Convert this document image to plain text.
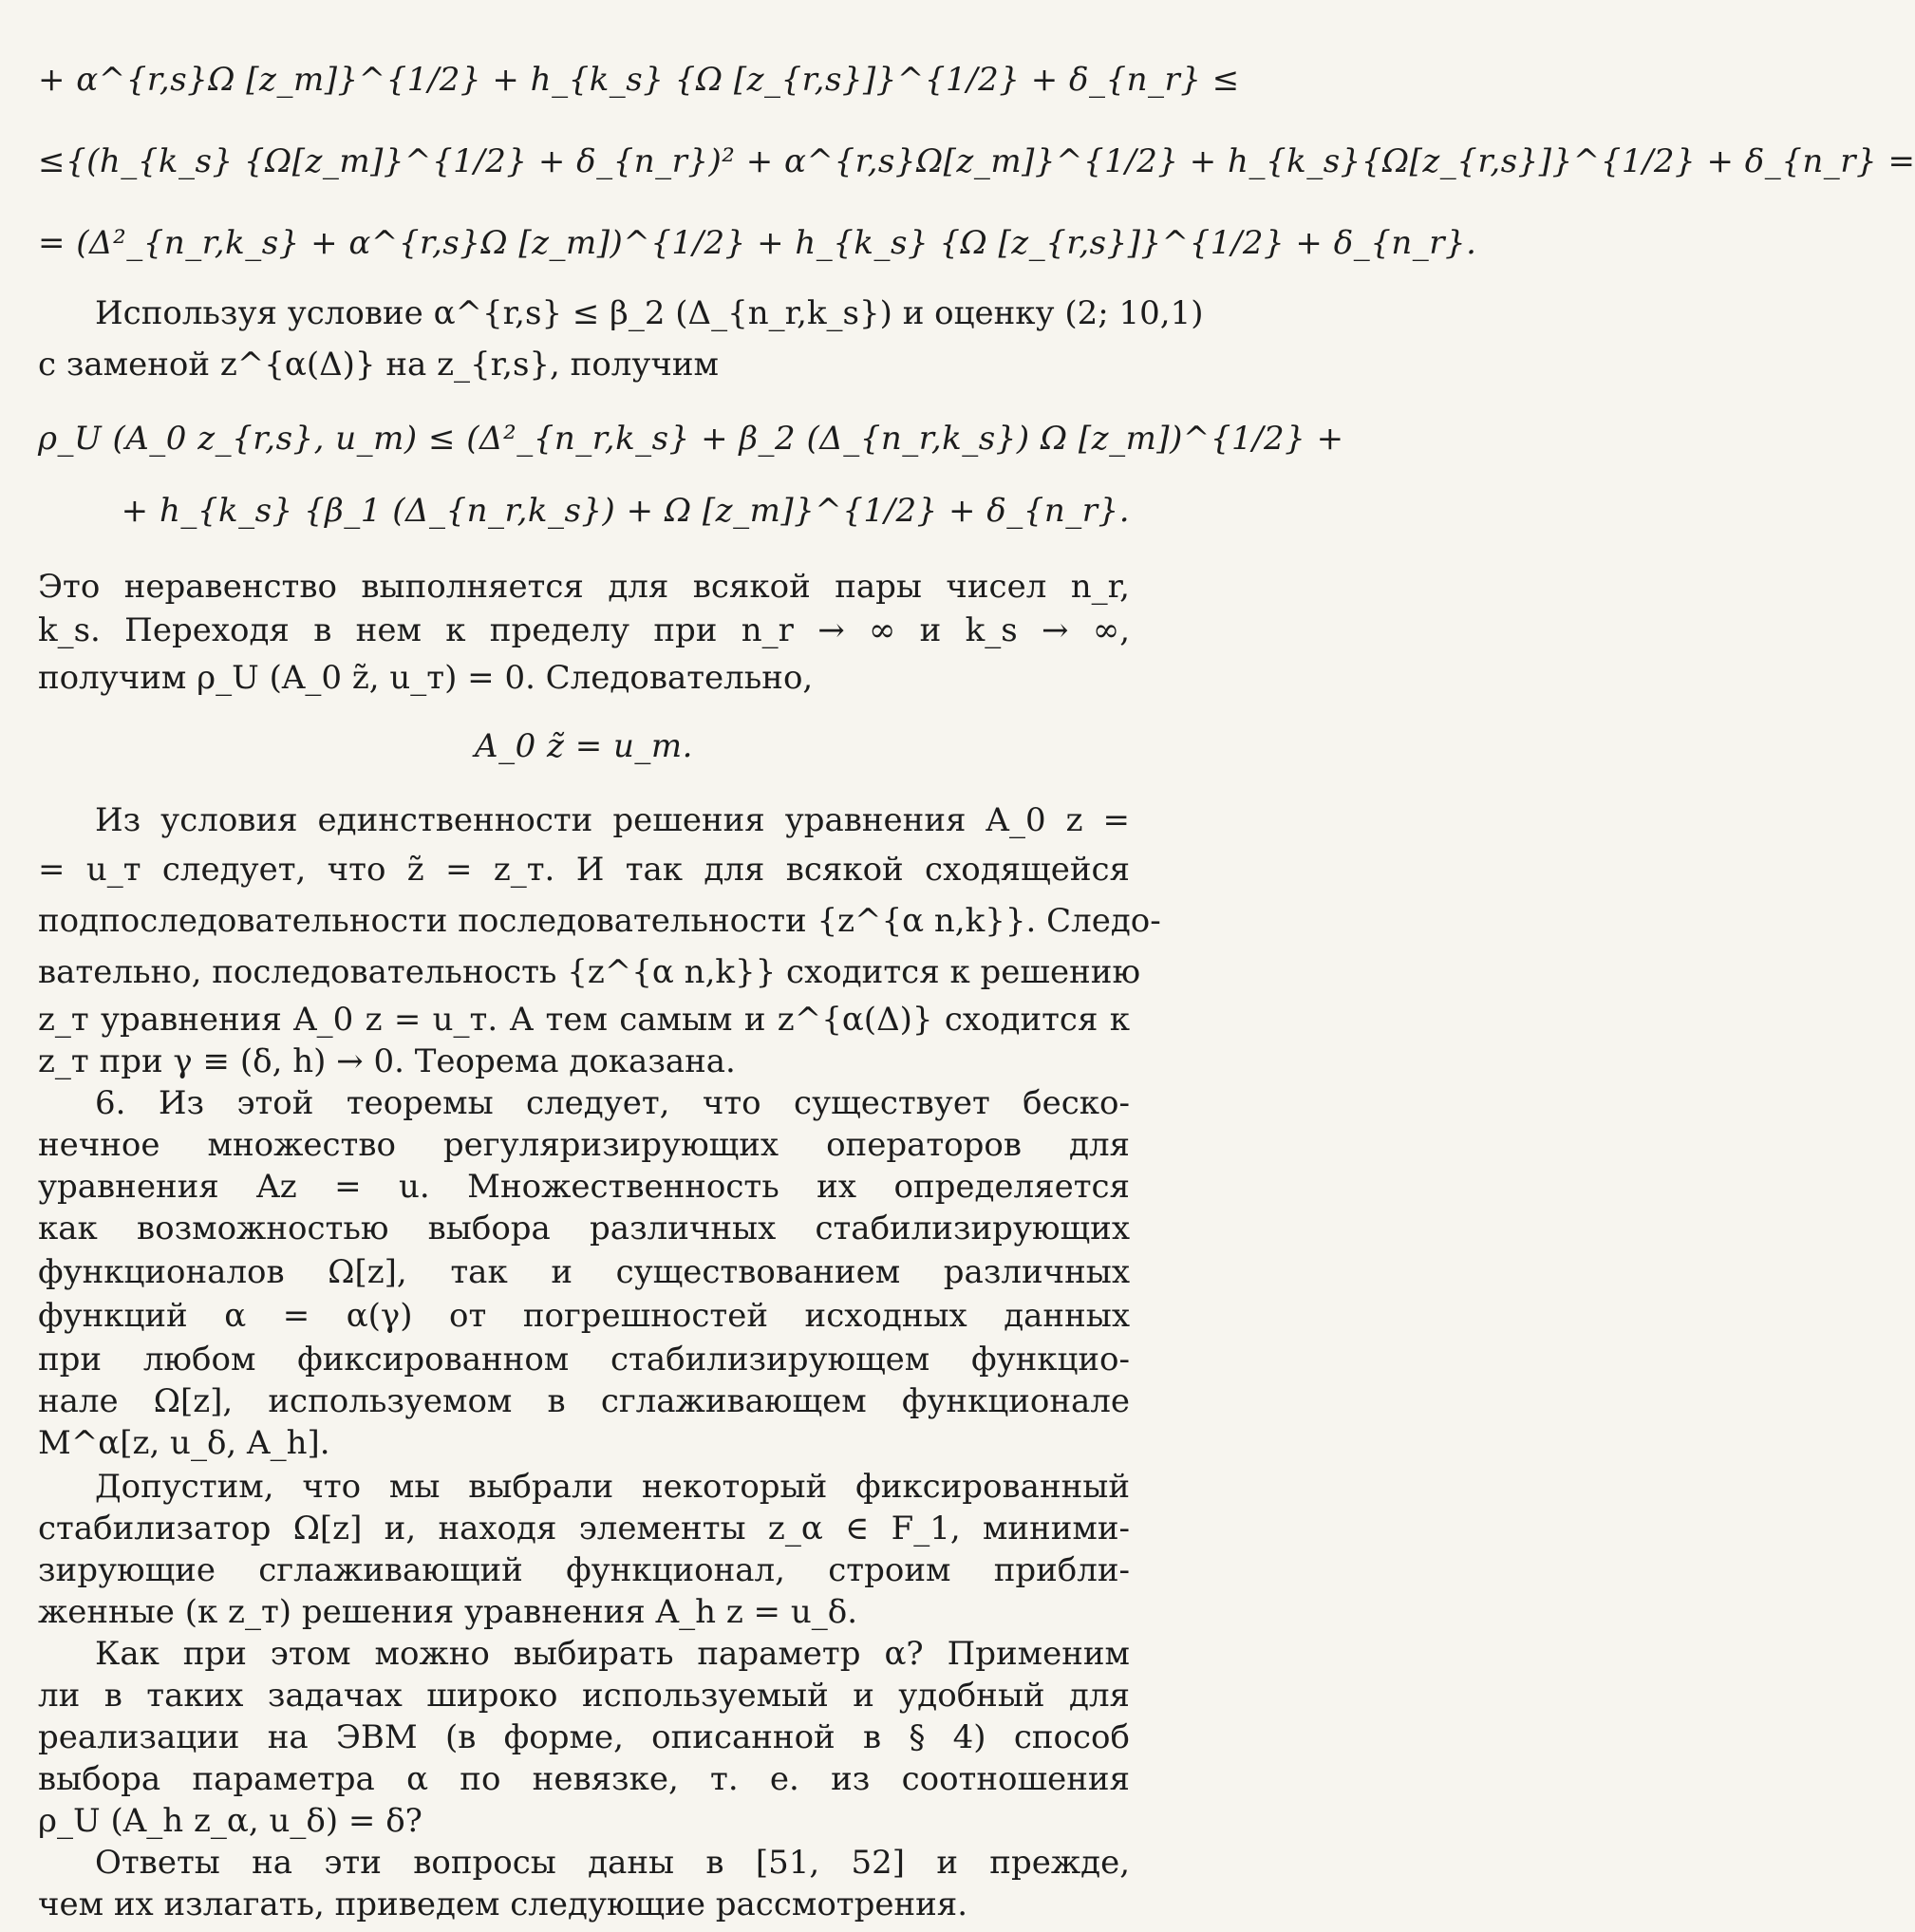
+ α^{r,s}Ω [z_т]}^{1/2} + h_{k_s} {Ω [z_{r,s}]}^{1/2} + δ_{n_r} ≤
≤{(h_{k_s} {Ω[z_т]}^{1/2} + δ_{n_r})² + α^{r,s}Ω[z_т]}^{1/2} + h_{k_s}{Ω[z_{r,s}]}^{1/2} + δ_{n_r} =
= (Δ²_{n_r,k_s} + α^{r,s}Ω [z_т])^{1/2} + h_{k_s} {Ω [z_{r,s}]}^{1/2} + δ_{n_r}.
Используя условие α^{r,s} ≤ β_2 (Δ_{n_r,k_s}) и оценку (2; 10,1)
с заменой z^{α(Δ)} на z_{r,s}, получим
ρ_U (A_0 z_{r,s}, u_т) ≤ (Δ²_{n_r,k_s} + β_2 (Δ_{n_r,k_s}) Ω [z_т])^{1/2} +
+ h_{k_s} {β_1 (Δ_{n_r,k_s}) + Ω [z_т]}^{1/2} + δ_{n_r}.
Это неравенство выполняется для всякой пары чисел n_r,
k_s. Переходя в нем к пределу при n_r → ∞ и k_s → ∞,
получим ρ_U (A_0 z̃, u_т) = 0. Следовательно,
A_0 z̃ = u_т.
Из условия единственности решения уравнения A_0 z =
= u_т следует, что z̃ = z_т. И так для всякой сходящейся
подпоследовательности последовательности {z^{α n,k}}. Следо-
вательно, последовательность {z^{α n,k}} сходится к решению
z_т уравнения A_0 z = u_т. А тем самым и z^{α(Δ)} сходится к
z_т при γ ≡ (δ, h) → 0. Теорема доказана.
6. Из этой теоремы следует, что существует беско-
нечное множество регуляризирующих операторов для
уравнения Az = u. Множественность их определяется
как возможностью выбора различных стабилизирующих
функционалов Ω[z], так и существованием различных
функций α = α(γ) от погрешностей исходных данных
при любом фиксированном стабилизирующем функцио-
нале Ω[z], используемом в сглаживающем функционале
M^α[z, u_δ, A_h].
Допустим, что мы выбрали некоторый фиксированный
стабилизатор Ω[z] и, находя элементы z_α ∈ F_1, миними-
зирующие сглаживающий функционал, строим прибли-
женные (к z_т) решения уравнения A_h z = u_δ.
Как при этом можно выбирать параметр α? Применим
ли в таких задачах широко используемый и удобный для
реализации на ЭВМ (в форме, описанной в § 4) способ
выбора параметра α по невязке, т. е. из соотношения
ρ_U (A_h z_α, u_δ) = δ?
Ответы на эти вопросы даны в [51, 52] и прежде,
чем их излагать, приведем следующие рассмотрения.
